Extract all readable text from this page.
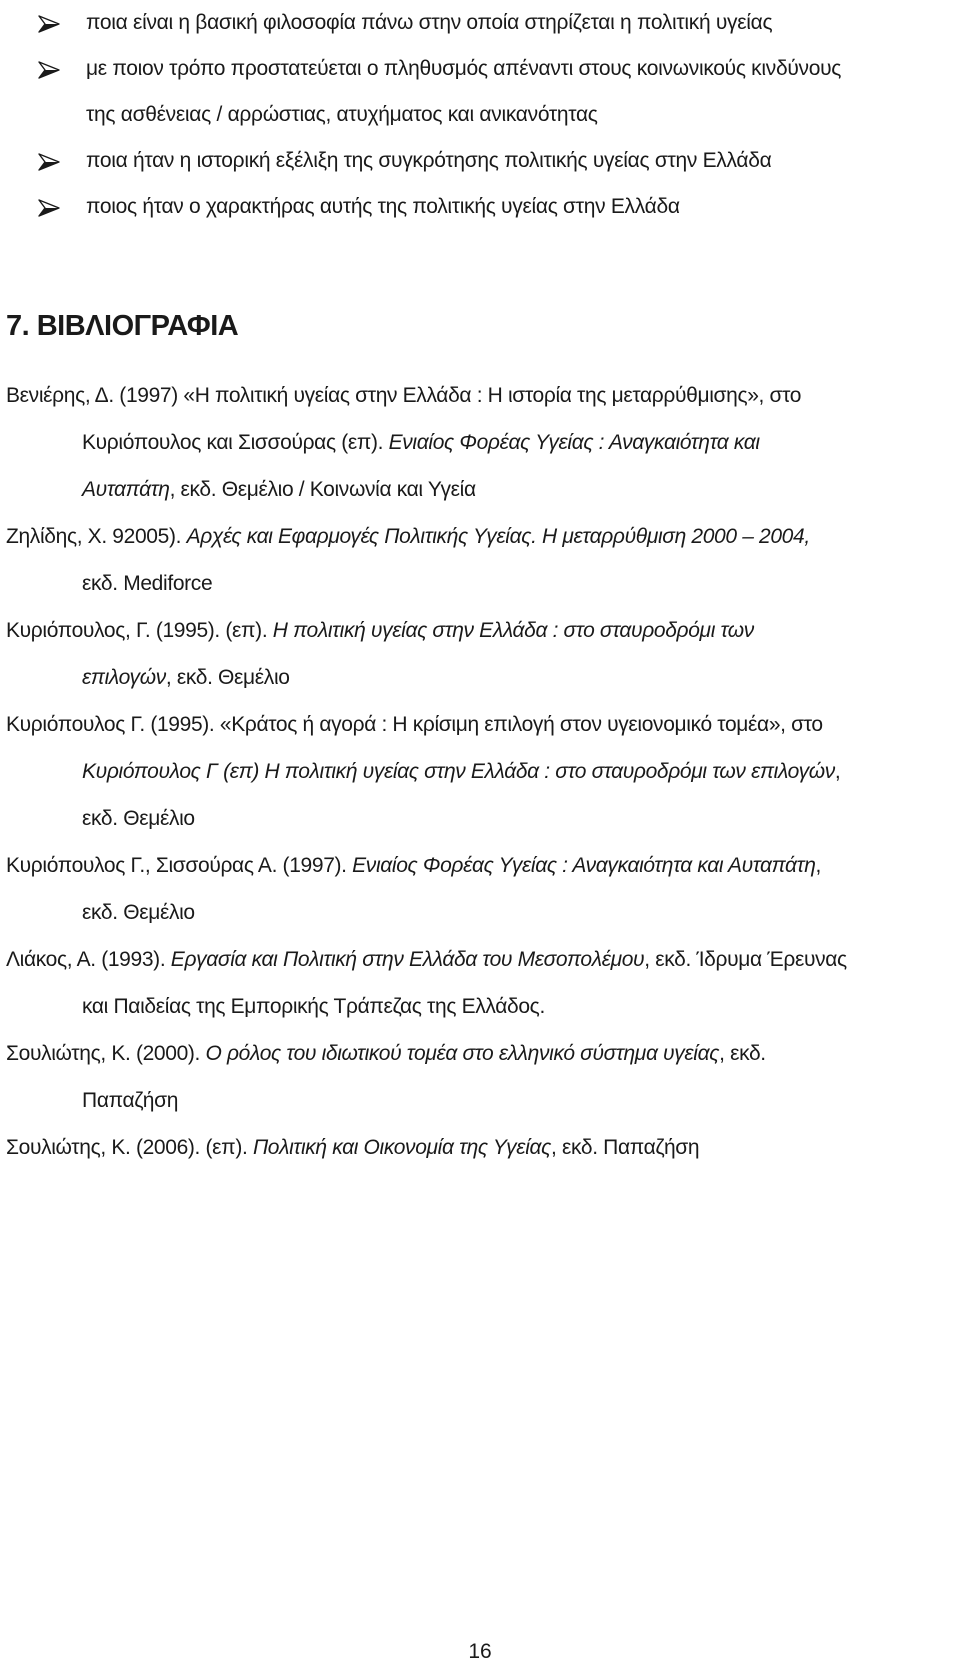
ποια είναι η βασική φιλοσοφία πάνω στην οποία στηρίζεται η πολιτική υγείας
με ποιον τρόπο προστατεύεται ο πληθυσμός απέναντι στους κοινωνικούς κινδύνους
της ασθένειας / αρρώστιας, ατυχήματος και ανικανότητας
ποια ήταν η ιστορική εξέλιξη της συγκρότησης πολιτικής υγείας στην Ελλάδα
ποιος ήταν ο χαρακτήρας αυτής της πολιτικής υγείας στην Ελλάδα
7. ΒΙΒΛΙΟΓΡΑΦΙΑ
Βενιέρης, Δ. (1997) «Η πολιτική υγείας στην Ελλάδα : Η ιστορία της μεταρρύθμισης», στο
Κυριόπουλος και Σισσούρας (επ). Ενιαίος Φορέας Υγείας : Αναγκαιότητα και
Αυταπάτη, εκδ. Θεμέλιο / Κοινωνία και Υγεία
Ζηλίδης, Χ. 92005). Αρχές και Εφαρμογές Πολιτικής Υγείας. Η μεταρρύθμιση 2000 – 2004,
εκδ. Mediforce
Κυριόπουλος, Γ. (1995). (επ). Η πολιτική υγείας στην Ελλάδα : στο σταυροδρόμι των
επιλογών, εκδ. Θεμέλιο
Κυριόπουλος Γ. (1995). «Κράτος ή αγορά : Η κρίσιμη επιλογή στον υγειονομικό τομέα», στο
Κυριόπουλος Γ (επ) Η πολιτική υγείας στην Ελλάδα : στο σταυροδρόμι των επιλογών,
εκδ. Θεμέλιο
Κυριόπουλος Γ., Σισσούρας Α. (1997). Ενιαίος Φορέας Υγείας : Αναγκαιότητα και Αυταπάτη,
εκδ. Θεμέλιο
Λιάκος, Α. (1993). Εργασία και Πολιτική στην Ελλάδα του Μεσοπολέμου, εκδ. Ίδρυμα Έρευνας
και Παιδείας της Εμπορικής Τράπεζας της Ελλάδος.
Σουλιώτης, Κ. (2000). Ο ρόλος του ιδιωτικού τομέα στο ελληνικό σύστημα υγείας, εκδ.
Παπαζήση
Σουλιώτης, Κ. (2006). (επ). Πολιτική και Οικονομία της Υγείας, εκδ. Παπαζήση
16
